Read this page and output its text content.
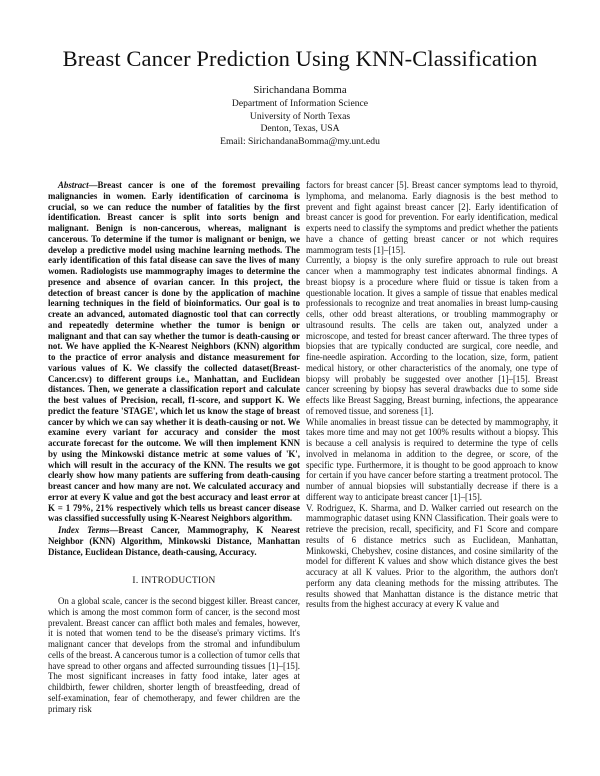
Breast Cancer Prediction Using KNN-Classification
Sirichandana Bomma
Department of Information Science
University of North Texas
Denton, Texas, USA
Email: SirichandanaBomma@my.unt.edu

Abstract—Breast cancer is one of the foremost prevailing malignancies in women. Early identification of carcinoma is crucial, so we can reduce the number of fatalities by the first identification. Breast cancer is split into sorts benign and malignant. Benign is non-cancerous, whereas, malignant is cancerous. To determine if the tumor is malignant or benign, we develop a predictive model using machine learning methods. The early identification of this fatal disease can save the lives of many women. Radiologists use mammography images to determine the presence and absence of ovarian cancer. In this project, the detection of breast cancer is done by the application of machine learning techniques in the field of bioinformatics. Our goal is to create an advanced, automated diagnostic tool that can correctly and repeatedly determine whether the tumor is benign or malignant and that can say whether the tumor is death-causing or not. We have applied the K-Nearest Neighbors (KNN) algorithm to the practice of error analysis and distance measurement for various values of K. We classify the collected dataset(Breast-Cancer.csv) to different groups i.e., Manhattan, and Euclidean distances. Then, we generate a classification report and calculate the best values of Precision, recall, f1-score, and support K. We predict the feature 'STAGE', which let us know the stage of breast cancer by which we can say whether it is death-causing or not. We examine every variant for accuracy and consider the most accurate forecast for the outcome. We will then implement KNN by using the Minkowski distance metric at some values of 'K', which will result in the accuracy of the KNN. The results we got clearly show how many patients are suffering from death-causing breast cancer and how many are not. We calculated accuracy and error at every K value and got the best accuracy and least error at K = 1 79%, 21% respectively which tells us breast cancer disease was classified successfully using K-Nearest Neighbors algorithm.

Index Terms—Breast Cancer, Mammography, K Nearest Neighbor (KNN) Algorithm, Minkowski Distance, Manhattan Distance, Euclidean Distance, death-causing, Accuracy.

I. INTRODUCTION

On a global scale, cancer is the second biggest killer. Breast cancer, which is among the most common form of cancer, is the second most prevalent. Breast cancer can afflict both males and females, however, it is noted that women tend to be the disease's primary victims. It's malignant cancer that develops from the stromal and infundibulum cells of the breast. A cancerous tumor is a collection of tumor cells that have spread to other organs and affected surrounding tissues [1]–[15]. The most significant increases in fatty food intake, later ages at childbirth, fewer children, shorter length of breastfeeding, dread of self-examination, fear of chemotherapy, and fewer children are the primary risk

factors for breast cancer [5]. Breast cancer symptoms lead to thyroid, lymphoma, and melanoma. Early diagnosis is the best method to prevent and fight against breast cancer [2]. Early identification of breast cancer is good for prevention. For early identification, medical experts need to classify the symptoms and predict whether the patients have a chance of getting breast cancer or not which requires mammogram tests [1]–[15].

Currently, a biopsy is the only surefire approach to rule out breast cancer when a mammography test indicates abnormal findings. A breast biopsy is a procedure where fluid or tissue is taken from a questionable location. It gives a sample of tissue that enables medical professionals to recognize and treat anomalies in breast lump-causing cells, other odd breast alterations, or troubling mammography or ultrasound results. The cells are taken out, analyzed under a microscope, and tested for breast cancer afterward. The three types of biopsies that are typically conducted are surgical, core needle, and fine-needle aspiration. According to the location, size, form, patient medical history, or other characteristics of the anomaly, one type of biopsy will probably be suggested over another [1]–[15]. Breast cancer screening by biopsy has several drawbacks due to some side effects like Breast Sagging, Breast burning, infections, the appearance of removed tissue, and soreness [1].

While anomalies in breast tissue can be detected by mammography, it takes more time and may not get 100% results without a biopsy. This is because a cell analysis is required to determine the type of cells involved in melanoma in addition to the degree, or score, of the specific type. Furthermore, it is thought to be good approach to know for certain if you have cancer before starting a treatment protocol. The number of annual biopsies will substantially decrease if there is a different way to anticipate breast cancer [1]–[15].

V. Rodriguez, K. Sharma, and D. Walker carried out research on the mammographic dataset using KNN Classification. Their goals were to retrieve the precision, recall, specificity, and F1 Score and compare results of 6 distance metrics such as Euclidean, Manhattan, Minkowski, Chebyshev, cosine distances, and cosine similarity of the model for different K values and show which distance gives the best accuracy at all K values. Prior to the algorithm, the authors don't perform any data cleaning methods for the missing attributes. The results showed that Manhattan distance is the distance metric that results from the highest accuracy at every K value and
